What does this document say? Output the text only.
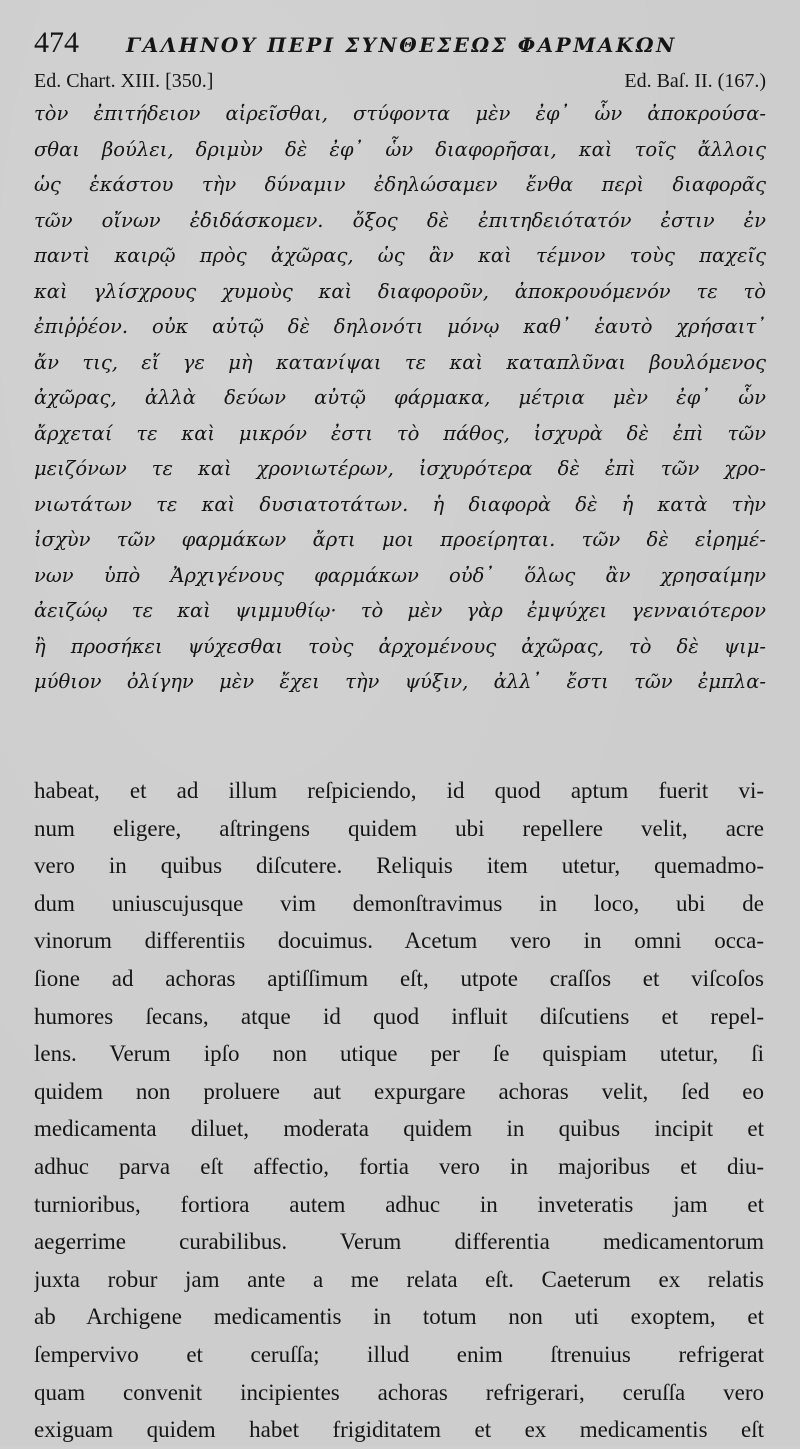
474	ΓΑΛΗΝΟΥ ΠΕΡΙ ΣΥΝΘΕΣΕΩΣ ΦΑΡΜΑΚΩΝ
Ed. Chart. XIII. [350.]	Ed. Baſ. II. (167.)
τὸν ἐπιτήδειον αἱρεῖσθαι, στύφοντα μὲν ἐφ᾽ ὧν ἀποκρούσα-
σθαι βούλει, δριμὺν δὲ ἐφ᾽ ὧν διαφορῆσαι, καὶ τοῖς ἄλλοις
ὡς ἑκάστου τὴν δύναμιν ἐδηλώσαμεν ἔνθα περὶ διαφορᾶς
τῶν οἴνων ἐδιδάσκομεν. ὄξος δὲ ἐπιτηδειότατόν ἐστιν ἐν
παντὶ καιρῷ πρὸς ἀχῶρας, ὡς ἂν καὶ τέμνον τοὺς παχεῖς
καὶ γλίσχρους χυμοὺς καὶ διαφοροῦν, ἀποκρουόμενόν τε τὸ
ἐπιῤῥέον. οὐκ αὐτῷ δὲ δηλονότι μόνῳ καθ᾽ ἑαυτὸ χρήσαιτ᾽
ἄν τις, εἴ γε μὴ κατανίψαι τε καὶ καταπλῦναι βουλόμενος
ἀχῶρας, ἀλλὰ δεύων αὐτῷ φάρμακα, μέτρια μὲν ἐφ᾽ ὧν
ἄρχεταί τε καὶ μικρόν ἐστι τὸ πάθος, ἰσχυρὰ δὲ ἐπὶ τῶν
μειζόνων τε καὶ χρονιωτέρων, ἰσχυρότερα δὲ ἐπὶ τῶν χρο-
νιωτάτων τε καὶ δυσιατοτάτων. ἡ διαφορὰ δὲ ἡ κατὰ τὴν
ἰσχὺν τῶν φαρμάκων ἄρτι μοι προείρηται. τῶν δὲ εἰρημέ-
νων ὑπὸ Ἀρχιγένους φαρμάκων οὐδ᾽ ὅλως ἂν χρησαίμην
ἀειζώῳ τε καὶ ψιμμυθίῳ· τὸ μὲν γὰρ ἐμψύχει γενναιότερον
ἢ προσήκει ψύχεσθαι τοὺς ἀρχομένους ἀχῶρας, τὸ δὲ ψιμ-
μύθιον ὀλίγην μὲν ἔχει τὴν ψύξιν, ἀλλ᾽ ἔστι τῶν ἐμπλα-
habeat, et ad illum reſpiciendo, id quod aptum fuerit vi-
num eligere, aſtringens quidem ubi repellere velit, acre
vero in quibus diſcutere. Reliquis item utetur, quemadmo-
dum uniuscujusque vim demonſtravimus in loco, ubi de
vinorum differentiis docuimus. Acetum vero in omni occa-
ſione ad achoras aptiſſimum eſt, utpote craſſos et viſcoſos
humores ſecans, atque id quod influit diſcutiens et repel-
lens. Verum ipſo non utique per ſe quispiam utetur, ſi
quidem non proluere aut expurgare achoras velit, ſed eo
medicamenta diluet, moderata quidem in quibus incipit et
adhuc parva eſt affectio, fortia vero in majoribus et diu-
turnioribus, fortiora autem adhuc in inveteratis jam et
aegerrime curabilibus. Verum differentia medicamentorum
juxta robur jam ante a me relata eſt. Caeterum ex relatis
ab Archigene medicamentis in totum non uti exoptem, et
ſempervivo et ceruſſa; illud enim ſtrenuius refrigerat
quam convenit incipientes achoras refrigerari, ceruſſa vero
exiguam quidem habet frigiditatem et ex medicamentis eſt
